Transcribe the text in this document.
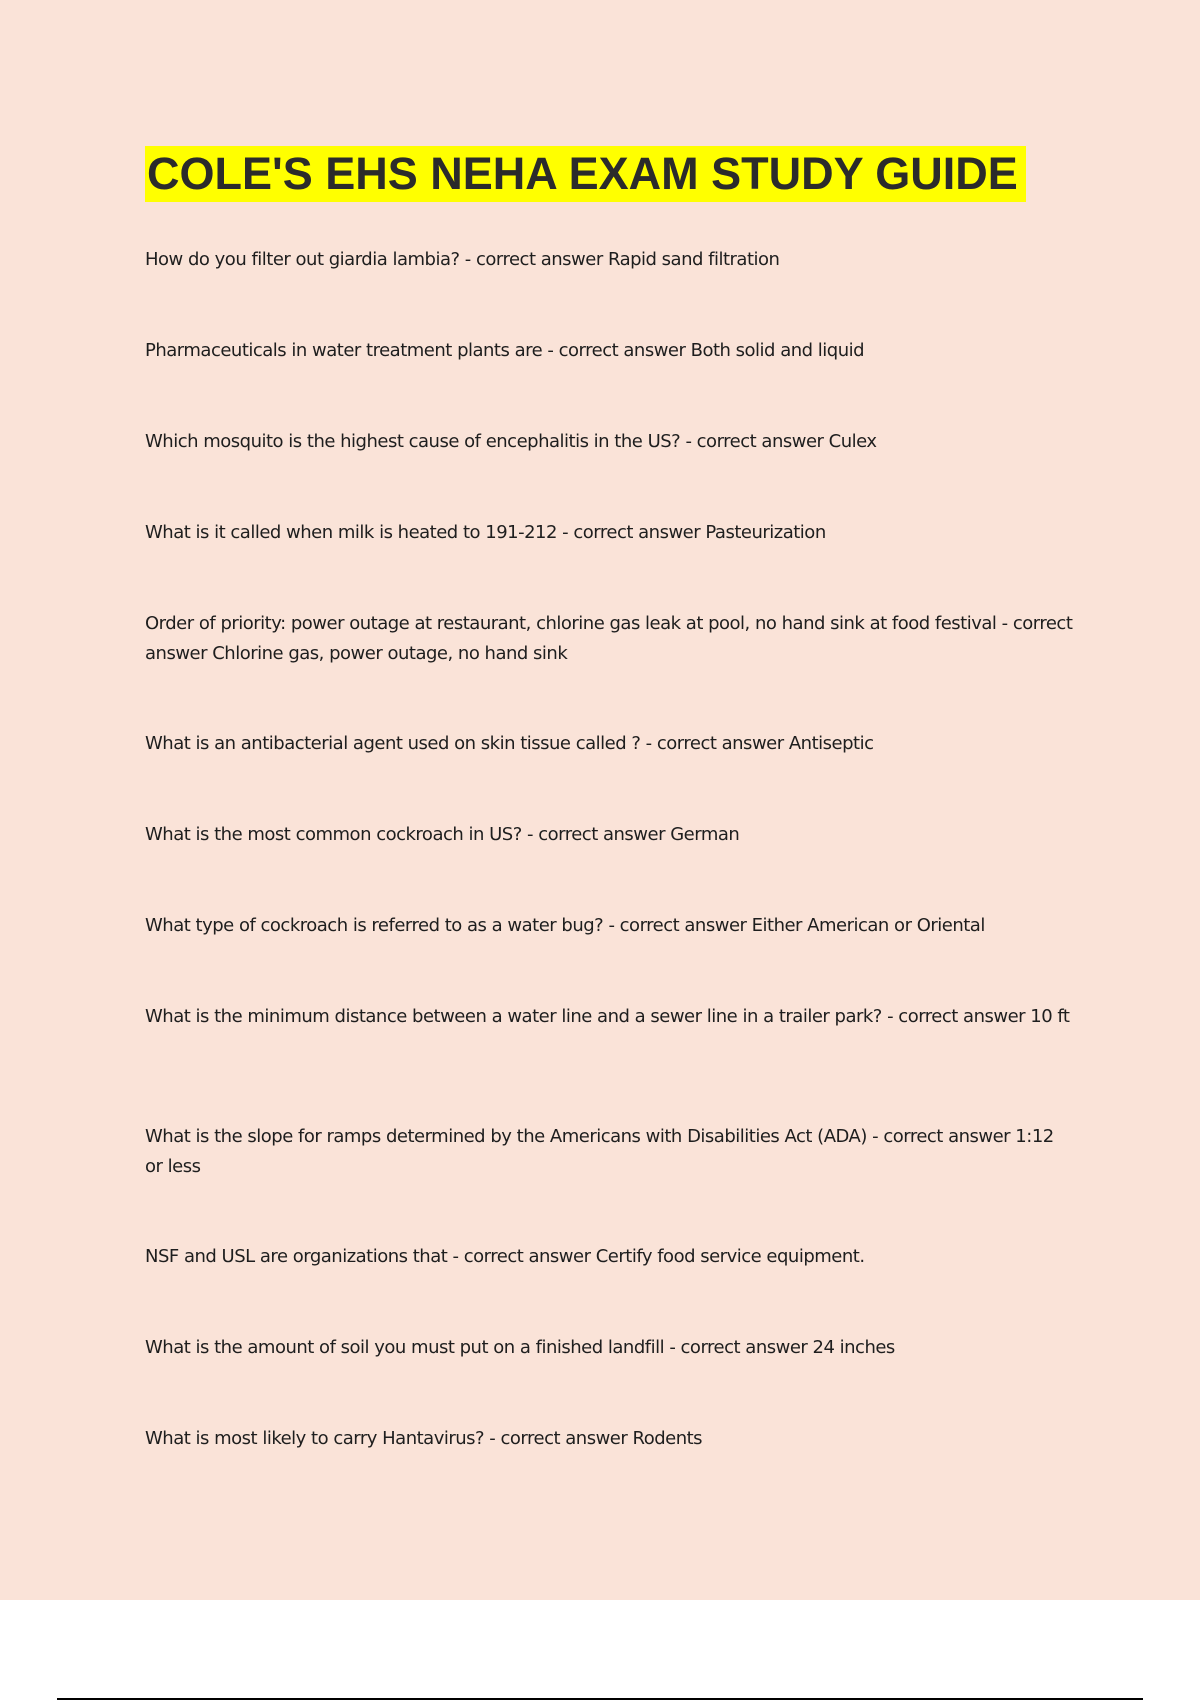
COLE'S EHS NEHA EXAM STUDY GUIDE

How do you filter out giardia lambia? - correct answer Rapid sand filtration

Pharmaceuticals in water treatment plants are - correct answer Both solid and liquid

Which mosquito is the highest cause of encephalitis in the US? - correct answer Culex

What is it called when milk is heated to 191-212 - correct answer Pasteurization

Order of priority: power outage at restaurant, chlorine gas leak at pool, no hand sink at food festival - correct answer Chlorine gas, power outage, no hand sink

What is an antibacterial agent used on skin tissue called ? - correct answer Antiseptic

What is the most common cockroach in US? - correct answer German

What type of cockroach is referred to as a water bug? - correct answer Either American or Oriental

What is the minimum distance between a water line and a sewer line in a trailer park? - correct answer 10 ft

What is the slope for ramps determined by the Americans with Disabilities Act (ADA) - correct answer 1:12 or less

NSF and USL are organizations that - correct answer Certify food service equipment.

What is the amount of soil you must put on a finished landfill - correct answer 24 inches

What is most likely to carry Hantavirus? - correct answer Rodents
